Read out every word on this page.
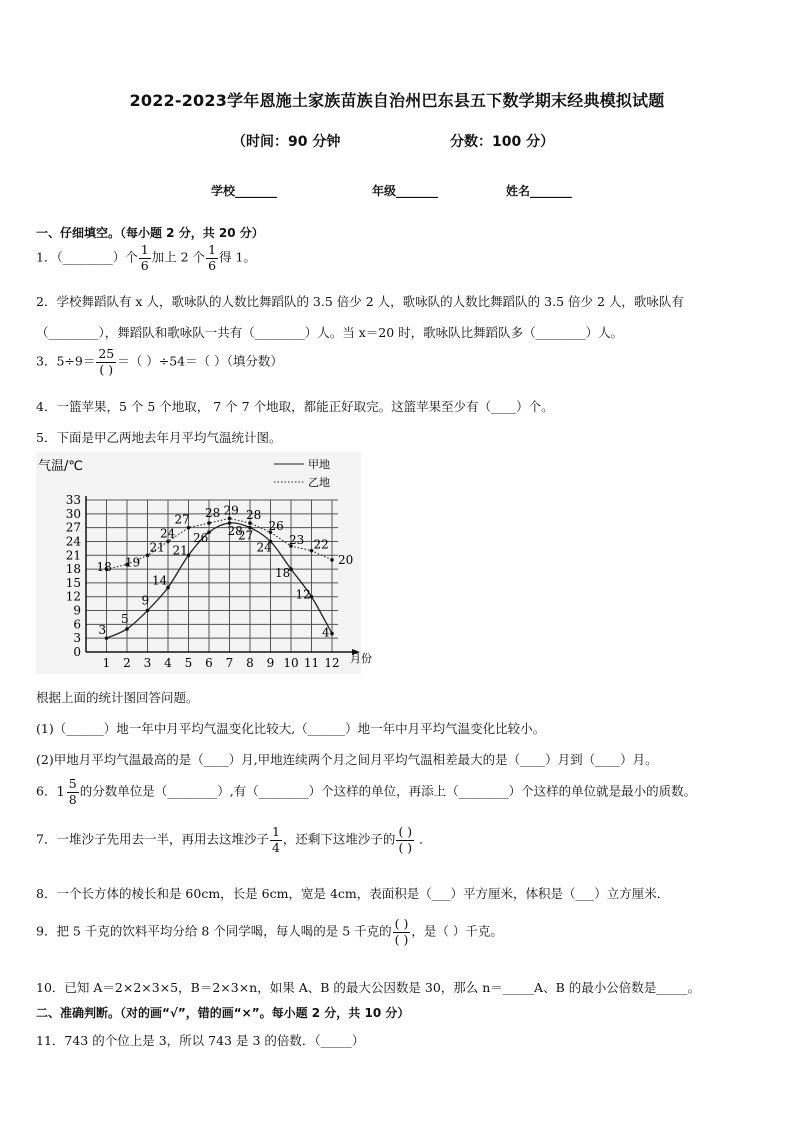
2022-2023学年恩施土家族苗族自治州巴东县五下数学期末经典模拟试题
（时间：90 分钟	分数：100 分）
学校_______	年级_______	姓名_______
一、仔细填空。（每小题 2 分，共 20 分）
1．（________）个 $\frac{1}{6}$ 加上 2 个 $\frac{1}{6}$ 得 1。
2．学校舞蹈队有 x 人，歌咏队的人数比舞蹈队的 3.5 倍少 2 人，歌咏队的人数比舞蹈队的 3.5 倍少 2 人，歌咏队有
（________），舞蹈队和歌咏队一共有（________）人。当 x＝20 时，歌咏队比舞蹈队多（________）人。
3．$5\div 9= \frac{25}{( )}$ ＝（ ）÷54＝（ ）（填分数）
4．一篮苹果，5 个 5 个地取， 7 个 7 个地取，都能正好取完。这篮苹果至少有（____）个。
5．下面是甲乙两地去年月平均气温统计图。
0
3
6
9
12
15
18
21
24
27
30
33
1 2 3 4 5 6 7 8 9 10 11 12
气温/℃
月份
甲地
乙地
3
5
9
14
21
26
28
27
24
18
12
4
18 19
21
24
27 28 29 28
26
23 22
20
根据上面的统计图回答问题。
(1)（______）地一年中月平均气温变化比较大,（______）地一年中月平均气温变化比较小。
(2)甲地月平均气温最高的是（____）月,甲地连续两个月之间月平均气温相差最大的是（____）月到（____）月。
6． $1 \frac{5}{8}$ 的分数单位是（________）,有（________）个这样的单位，再添上（________）个这样的单位就是最小的质数。
7．一堆沙子先用去一半，再用去这堆沙子 $\frac{1}{4}$ ，还剩下这堆沙子的 $\frac{( )}{( )}$ ．
8．一个长方体的棱长和是 60cm，长是 6cm，宽是 4cm，表面积是（___）平方厘米，体积是（___）立方厘米．
9．把 5 千克的饮料平均分给 8 个同学喝，每人喝的是 5 千克的 $\frac{( )}{( )}$ ，是（ ）千克。
10．已知 A＝2×2×3×5，B＝2×3×n，如果 A、B 的最大公因数是 30，那么 n＝_____A、B 的最小公倍数是_____。
二、准确判断。（对的画“√”，错的画“×”。每小题 2 分，共 10 分）
11．743 的个位上是 3，所以 743 是 3 的倍数．（_____）
